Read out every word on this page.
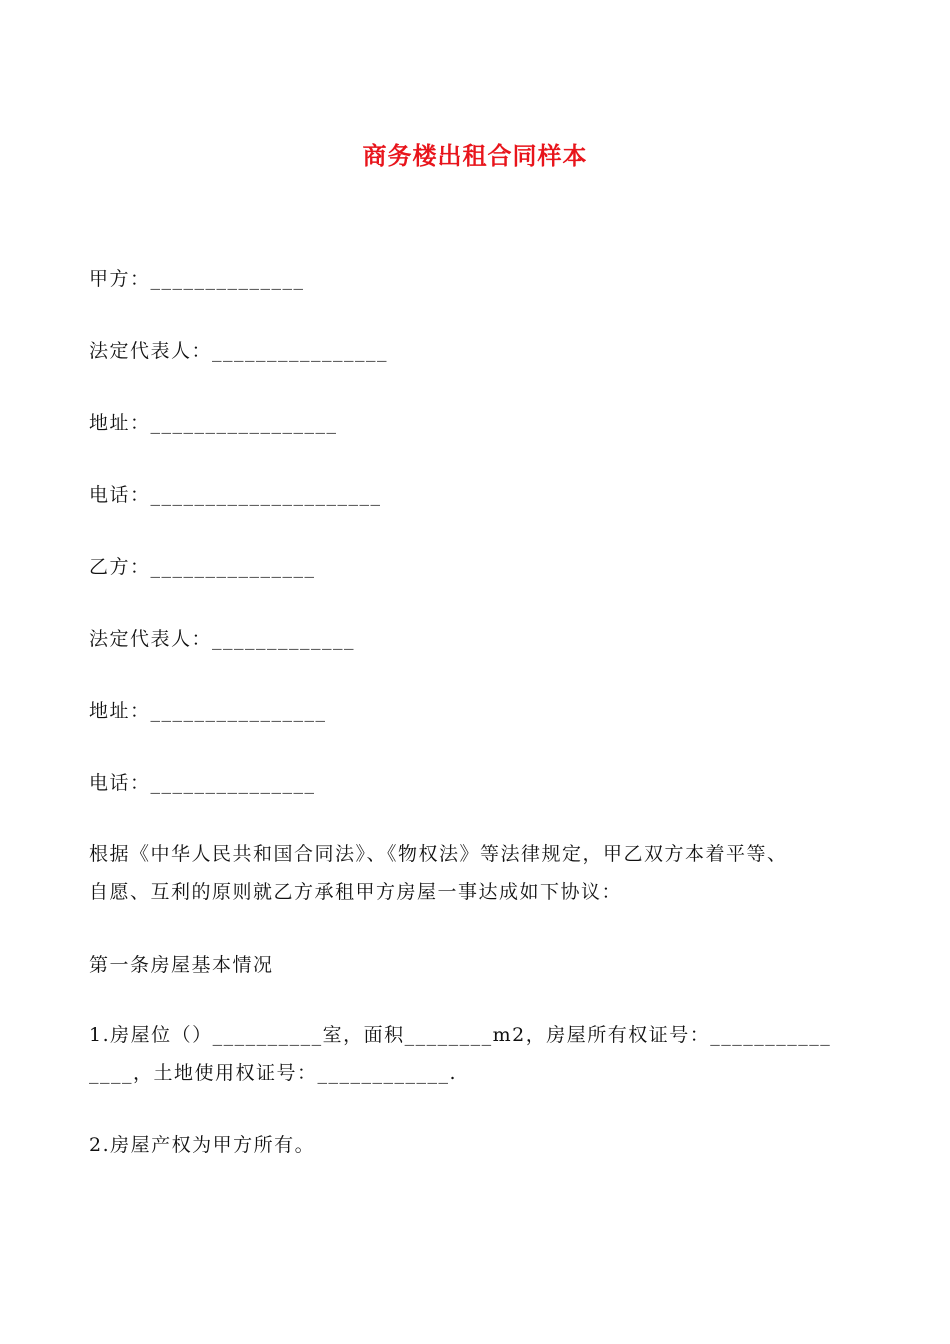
商务楼出租合同样本
甲方：______________
法定代表人：________________
地址：_________________
电话：_____________________
乙方：_______________
法定代表人：_____________
地址：________________
电话：_______________

根据《中华人民共和国合同法》、《物权法》等法律规定，甲乙双方本着平等、

自愿、互利的原则就乙方承租甲方房屋一事达成如下协议：

第一条房屋基本情况

1.房屋位（）__________室，面积________m2，房屋所有权证号：___________

____，土地使用权证号：____________.

2.房屋产权为甲方所有。
